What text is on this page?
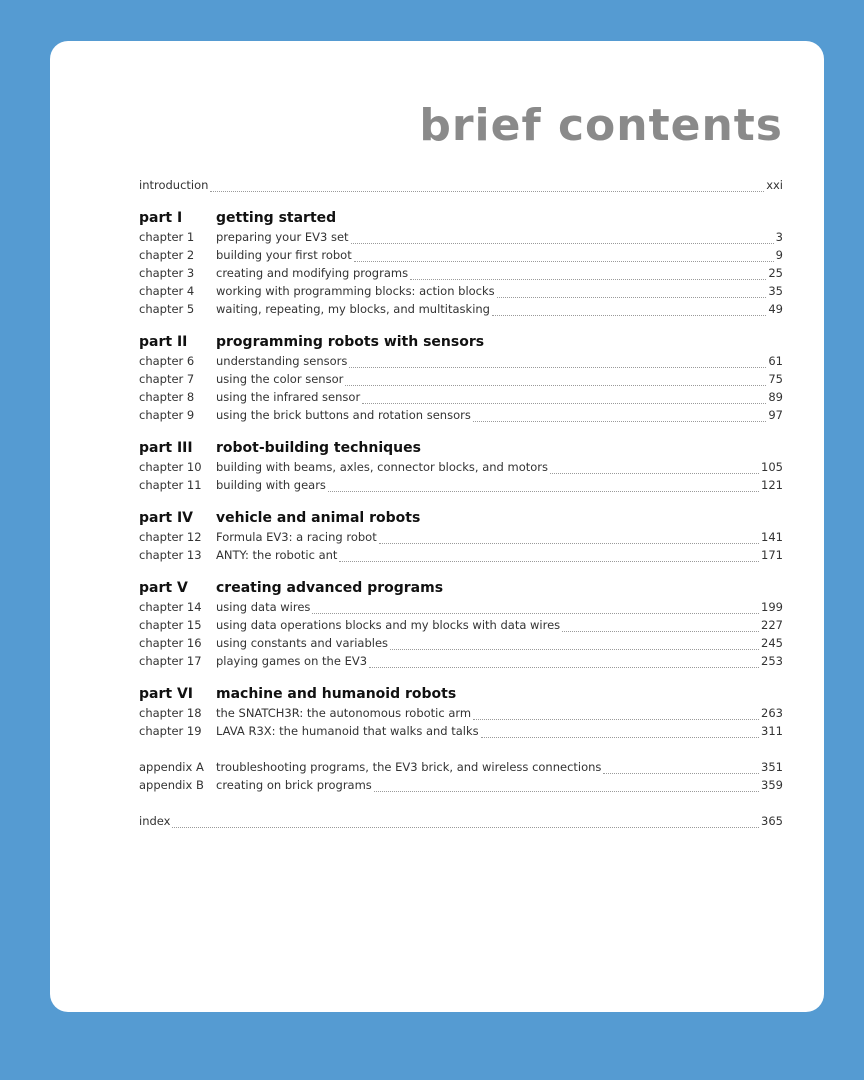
brief contents
introduction	xxi
part I	getting started
chapter 1	preparing your EV3 set	3
chapter 2	building your first robot	9
chapter 3	creating and modifying programs	25
chapter 4	working with programming blocks: action blocks	35
chapter 5	waiting, repeating, my blocks, and multitasking	49
part II	programming robots with sensors
chapter 6	understanding sensors	61
chapter 7	using the color sensor	75
chapter 8	using the infrared sensor	89
chapter 9	using the brick buttons and rotation sensors	97
part III	robot-building techniques
chapter 10	building with beams, axles, connector blocks, and motors	105
chapter 11	building with gears	121
part IV	vehicle and animal robots
chapter 12	Formula EV3: a racing robot	141
chapter 13	ANTY: the robotic ant	171
part V	creating advanced programs
chapter 14	using data wires	199
chapter 15	using data operations blocks and my blocks with data wires	227
chapter 16	using constants and variables	245
chapter 17	playing games on the EV3	253
part VI	machine and humanoid robots
chapter 18	the SNATCH3R: the autonomous robotic arm	263
chapter 19	LAVA R3X: the humanoid that walks and talks	311
appendix A	troubleshooting programs, the EV3 brick, and wireless connections	351
appendix B	creating on brick programs	359
index	365
